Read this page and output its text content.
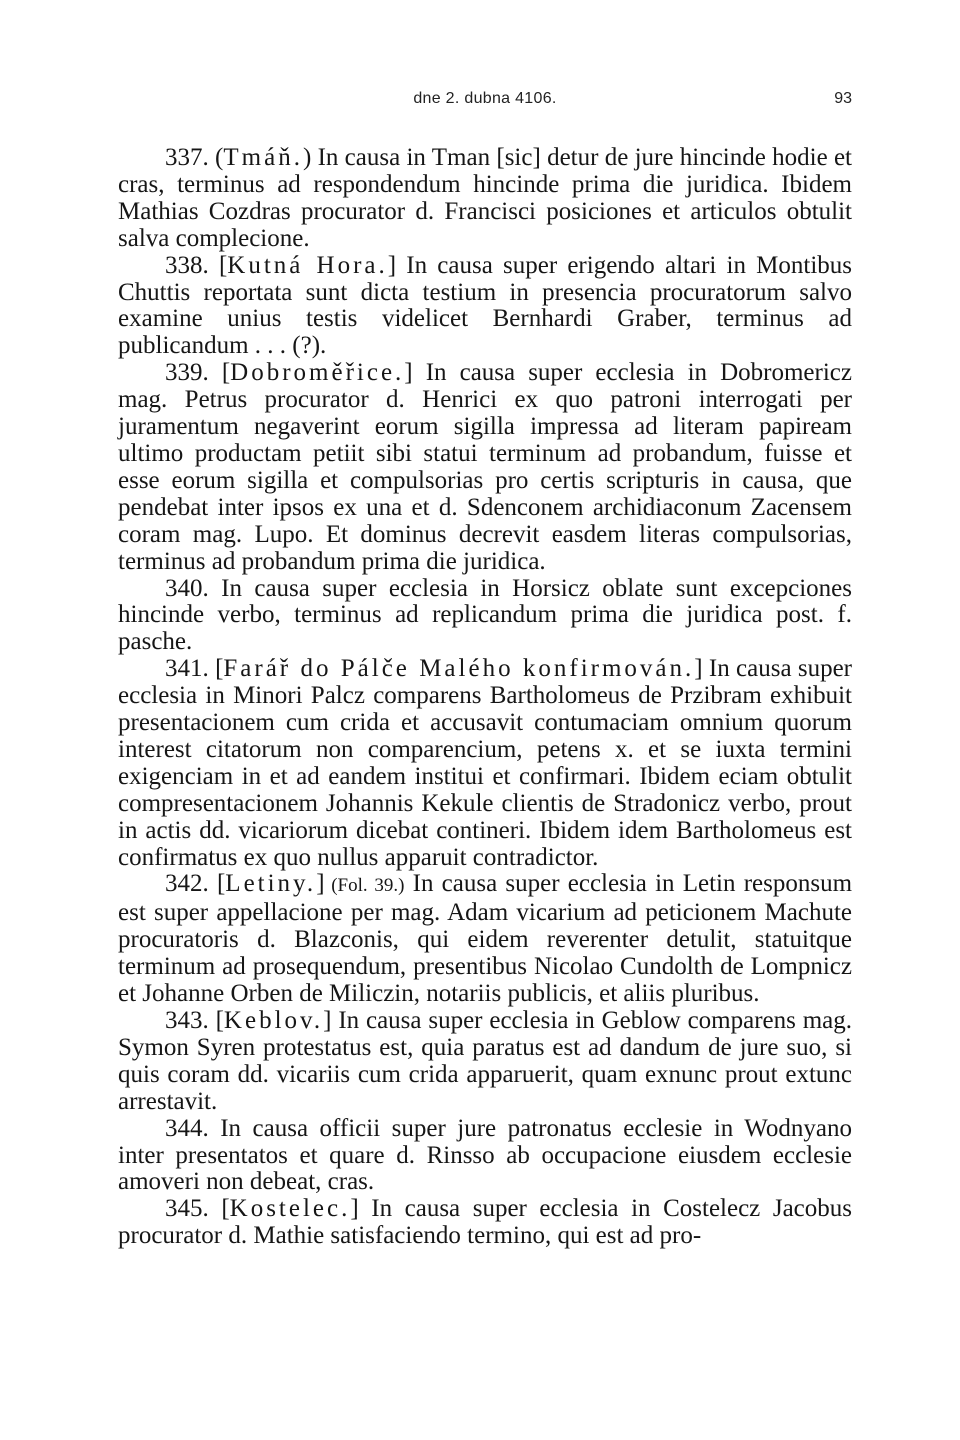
dne 2. dubna 4106.	93

337. (Tmáň.) In causa in Tman [sic] detur de jure hincinde hodie et cras, terminus ad respondendum hincinde prima die juridica. Ibidem Mathias Cozdras procurator d. Francisci posiciones et articulos obtulit salva complecione.

338. [Kutná Hora.] In causa super erigendo altari in Montibus Chuttis reportata sunt dicta testium in presencia procuratorum salvo examine unius testis videlicet Bernhardi Graber, terminus ad publicandum . . . (?).

339. [Dobroměřice.] In causa super ecclesia in Dobromericz mag. Petrus procurator d. Henrici ex quo patroni interrogati per juramentum negaverint eorum sigilla impressa ad literam papiream ultimo productam petiit sibi statui terminum ad probandum, fuisse et esse eorum sigilla et compulsorias pro certis scripturis in causa, que pendebat inter ipsos ex una et d. Sdenconem archidiaconum Zacensem coram mag. Lupo. Et dominus decrevit easdem literas compulsorias, terminus ad probandum prima die juridica.

340. In causa super ecclesia in Horsicz oblate sunt excepciones hincinde verbo, terminus ad replicandum prima die juridica post. f. pasche.

341. [Farář do Pálče Malého konfirmován.] In causa super ecclesia in Minori Palcz comparens Bartholomeus de Przibram exhibuit presentacionem cum crida et accusavit contumaciam omnium quorum interest citatorum non comparencium, petens x. et se iuxta termini exigenciam in et ad eandem institui et confirmari. Ibidem eciam obtulit compresentacionem Johannis Kekule clientis de Stradonicz verbo, prout in actis dd. vicariorum dicebat contineri. Ibidem idem Bartholomeus est confirmatus ex quo nullus apparuit contradictor.

342. [Letiny.] (Fol. 39.) In causa super ecclesia in Letin responsum est super appellacione per mag. Adam vicarium ad peticionem Machute procuratoris d. Blazconis, qui eidem reverenter detulit, statuitque terminum ad prosequendum, presentibus Nicolao Cundolth de Lompnicz et Johanne Orben de Miliczin, notariis publicis, et aliis pluribus.

343. [Keblov.] In causa super ecclesia in Geblow comparens mag. Symon Syren protestatus est, quia paratus est ad dandum de jure suo, si quis coram dd. vicariis cum crida apparuerit, quam exnunc prout extunc arrestavit.

344. In causa officii super jure patronatus ecclesie in Wodnyano inter presentatos et quare d. Rinsso ab occupacione eiusdem ecclesie amoveri non debeat, cras.

345. [Kostelec.] In causa super ecclesia in Costelecz Jacobus procurator d. Mathie satisfaciendo termino, qui est ad pro-
